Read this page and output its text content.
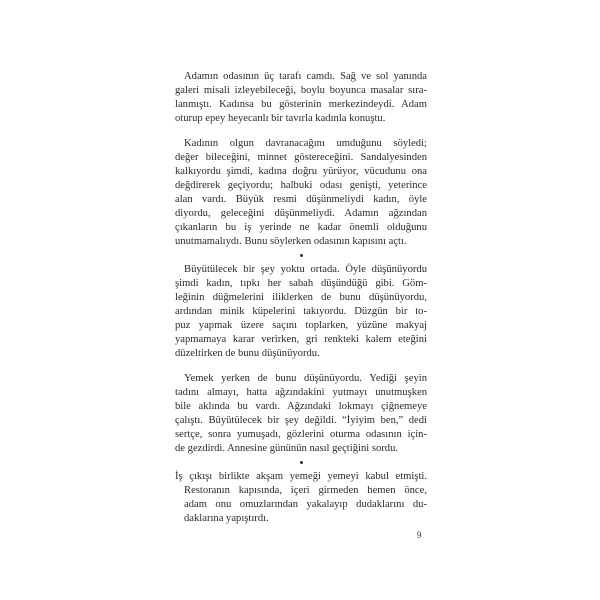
Adamın odasının üç tarafı camdı. Sağ ve sol yanında
galeri misali izleyebileceği, boylu boyunca masalar sıra-
lanmıştı. Kadınsa bu gösterinin merkezindeydi. Adam
oturup epey heyecanlı bir tavırla kadınla konuştu.
Kadının olgun davranacağını umduğunu söyledi;
değer bileceğini, minnet göstereceğini. Sandalyesinden
kalkıyordu şimdi, kadına doğru yürüyor, vücudunu ona
değdirerek geçiyordu; halbuki odası genişti, yeterince
alan vardı. Büyük resmi düşünmeliydi kadın, öyle
diyordu, geleceğini düşünmeliydi. Adamın ağzından
çıkanların bu iş yerinde ne kadar önemli olduğunu
unutmamalıydı. Bunu söylerken odasının kapısını açtı.
Büyütülecek bir şey yoktu ortada. Öyle düşünüyordu
şimdi kadın, tıpkı her sabah düşündüğü gibi. Göm-
leğinin düğmelerini iliklerken de bunu düşünüyordu,
ardından minik küpelerini takıyordu. Düzgün bir to-
puz yapmak üzere saçını toplarken, yüzüne makyaj
yapmamaya karar verirken, gri renkteki kalem eteğini
düzeltirken de bunu düşünüyordu.
Yemek yerken de bunu düşünüyordu. Yediği şeyin
tadını almayı, hatta ağzındakini yutmayı unutmuşken
bile aklında bu vardı. Ağzındaki lokmayı çiğnemeye
çalıştı. Büyütülecek bir şey değildi. “İyiyim ben,” dedi
sertçe, sonra yumuşadı, gözlerini oturma odasının için-
de gezdirdi. Annesine gününün nasıl geçtiğini sordu.
İş çıkışı birlikte akşam yemeği yemeyi kabul etmişti.
Restoranın kapısında, içeri girmeden hemen önce,
adam onu omuzlarından yakalayıp dudaklarını du-
daklarına yapıştırdı.
9
